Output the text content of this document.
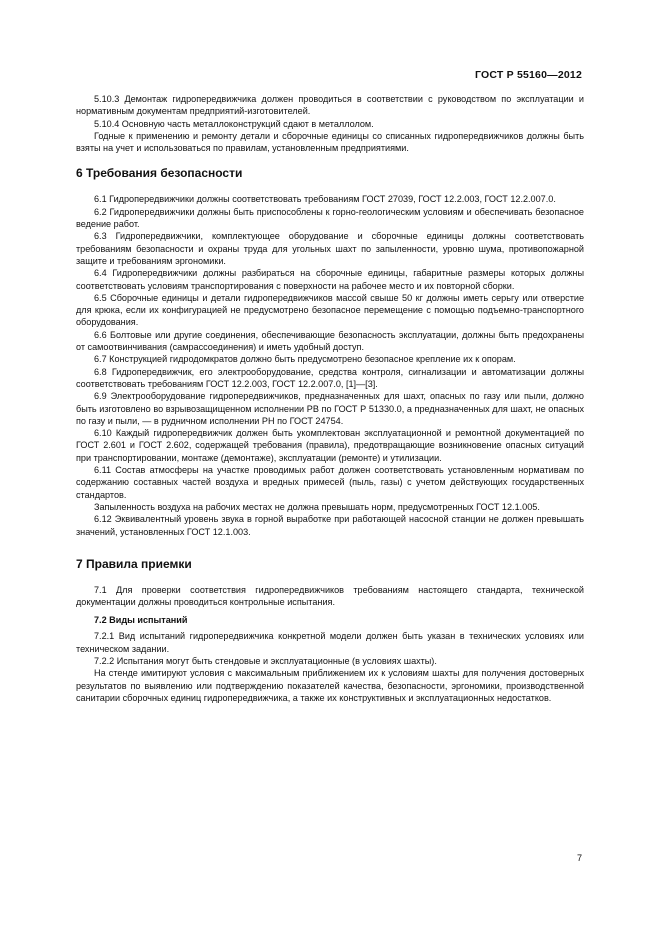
ГОСТ Р 55160—2012

5.10.3 Демонтаж гидропередвижчика должен проводиться в соответствии с руководством по эксплуатации и нормативным документам предприятий-изготовителей.

5.10.4 Основную часть металлоконструкций сдают в металлолом.

Годные к применению и ремонту детали и сборочные единицы со списанных гидропередвижчиков должны быть взяты на учет и использоваться по правилам, установленным предприятиями.

6 Требования безопасности

6.1 Гидропередвижчики должны соответствовать требованиям ГОСТ 27039, ГОСТ 12.2.003, ГОСТ 12.2.007.0.

6.2 Гидропередвижчики должны быть приспособлены к горно-геологическим условиям и обеспечивать безопасное ведение работ.

6.3 Гидропередвижчики, комплектующее оборудование и сборочные единицы должны соответствовать требованиям безопасности и охраны труда для угольных шахт по запыленности, уровню шума, противопожарной защите и требованиям эргономики.

6.4 Гидропередвижчики должны разбираться на сборочные единицы, габаритные размеры которых должны соответствовать условиям транспортирования с поверхности на рабочее место и их повторной сборки.

6.5 Сборочные единицы и детали гидропередвижчиков массой свыше 50 кг должны иметь серьгу или отверстие для крюка, если их конфигурацией не предусмотрено безопасное перемещение с помощью подъемно-транспортного оборудования.

6.6 Болтовые или другие соединения, обеспечивающие безопасность эксплуатации, должны быть предохранены от самоотвинчивания (самрассоединения) и иметь удобный доступ.

6.7 Конструкцией гидродомкратов должно быть предусмотрено безопасное крепление их к опорам.

6.8 Гидропередвижчик, его электрооборудование, средства контроля, сигнализации и автоматизации должны соответствовать требованиям ГОСТ 12.2.003, ГОСТ 12.2.007.0, [1]—[3].

6.9 Электрооборудование гидропередвижчиков, предназначенных для шахт, опасных по газу или пыли, должно быть изготовлено во взрывозащищенном исполнении РВ по ГОСТ Р 51330.0, а предназначенных для шахт, не опасных по газу и пыли, — в рудничном исполнении РН по ГОСТ 24754.

6.10 Каждый гидропередвижчик должен быть укомплектован эксплуатационной и ремонтной документацией по ГОСТ 2.601 и ГОСТ 2.602, содержащей требования (правила), предотвращающие возникновение опасных ситуаций при транспортировании, монтаже (демонтаже), эксплуатации (ремонте) и утилизации.

6.11 Состав атмосферы на участке проводимых работ должен соответствовать установленным нормативам по содержанию составных частей воздуха и вредных примесей (пыль, газы) с учетом действующих государственных стандартов.

Запыленность воздуха на рабочих местах не должна превышать норм, предусмотренных ГОСТ 12.1.005.

6.12 Эквивалентный уровень звука в горной выработке при работающей насосной станции не должен превышать значений, установленных ГОСТ 12.1.003.

7 Правила приемки

7.1 Для проверки соответствия гидропередвижчиков требованиям настоящего стандарта, технической документации должны проводиться контрольные испытания.

7.2 Виды испытаний

7.2.1 Вид испытаний гидропередвижчика конкретной модели должен быть указан в технических условиях или техническом задании.

7.2.2 Испытания могут быть стендовые и эксплуатационные (в условиях шахты).

На стенде имитируют условия с максимальным приближением их к условиям шахты для получения достоверных результатов по выявлению или подтверждению показателей качества, безопасности, эргономики, производственной санитарии сборочных единиц гидропередвижчика, а также их конструктивных и эксплуатационных недостатков.

7
